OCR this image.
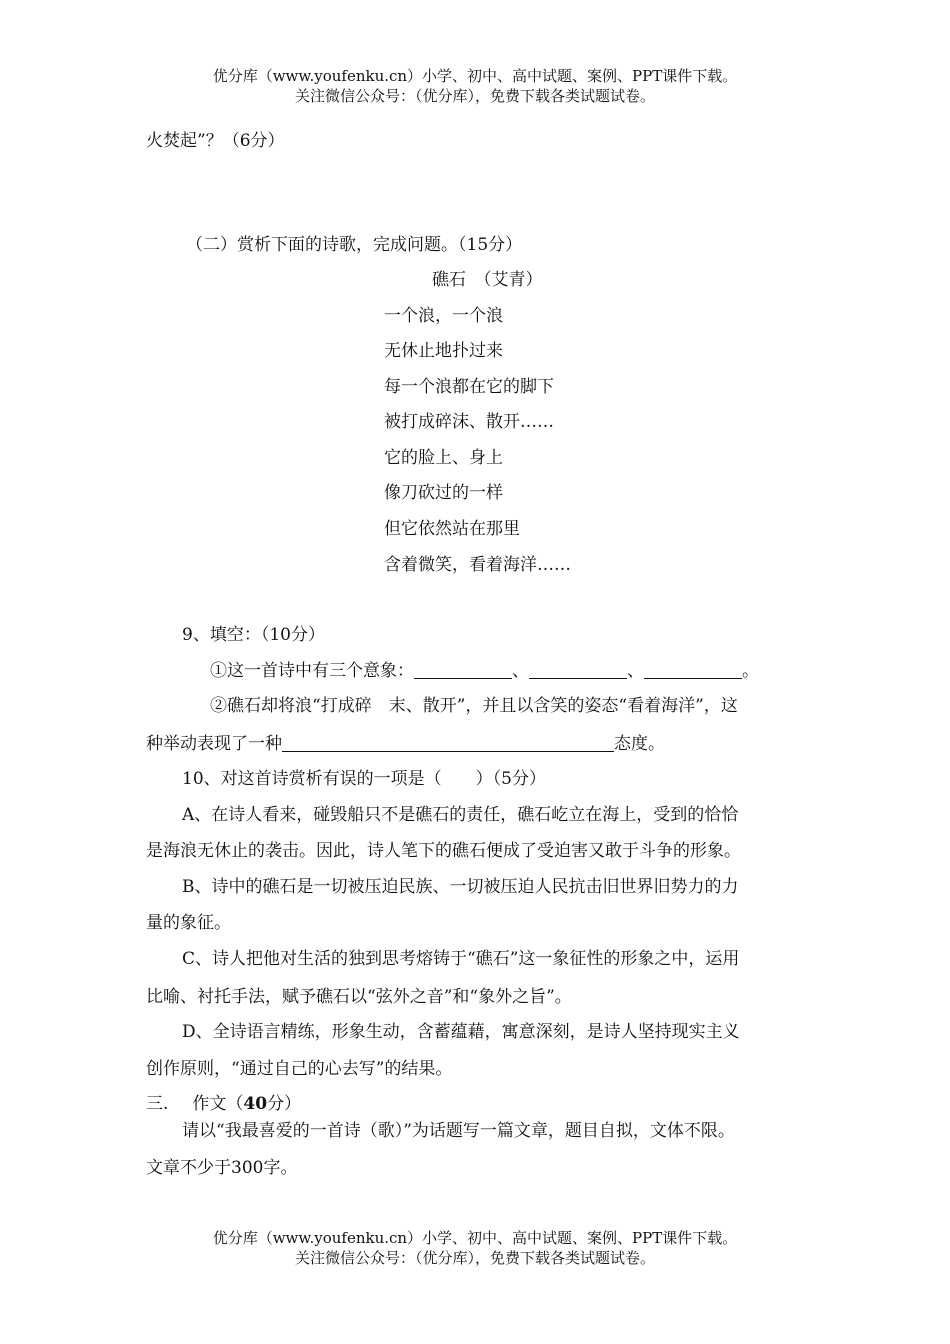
优分库（www.youfenku.cn）小学、初中、高中试题、案例、PPT课件下载。
关注微信公众号：（优分库），免费下载各类试题试卷。
火焚起”？（6分）
（二）赏析下面的诗歌，完成问题。（15分）
礁石　（艾青）
一个浪，一个浪
无休止地扑过来
每一个浪都在它的脚下
被打成碎沫、散开……
它的脸上、身上
像刀砍过的一样
但它依然站在那里
含着微笑，看着海洋……
9、填空：（10分）
①这一首诗中有三个意象：	、	、	。
②礁石却将浪“打成碎　末、散开”，并且以含笑的姿态“看着海洋”，这
种举动表现了一种	态度。
10、对这首诗赏析有误的一项是（　　）（5分）
A、在诗人看来，碰毁船只不是礁石的责任，礁石屹立在海上，受到的恰恰
是海浪无休止的袭击。因此，诗人笔下的礁石便成了受迫害又敢于斗争的形象。
B、诗中的礁石是一切被压迫民族、一切被压迫人民抗击旧世界旧势力的力
量的象征。
C、诗人把他对生活的独到思考熔铸于“礁石”这一象征性的形象之中，运用
比喻、衬托手法，赋予礁石以“弦外之音”和“象外之旨”。
D、全诗语言精练，形象生动，含蓄蕴藉，寓意深刻，是诗人坚持现实主义
创作原则，“通过自己的心去写”的结果。
三. 作文（40分）
请以“我最喜爱的一首诗（歌）”为话题写一篇文章，题目自拟，文体不限。
文章不少于300字。
优分库（www.youfenku.cn）小学、初中、高中试题、案例、PPT课件下载。
关注微信公众号：（优分库），免费下载各类试题试卷。
